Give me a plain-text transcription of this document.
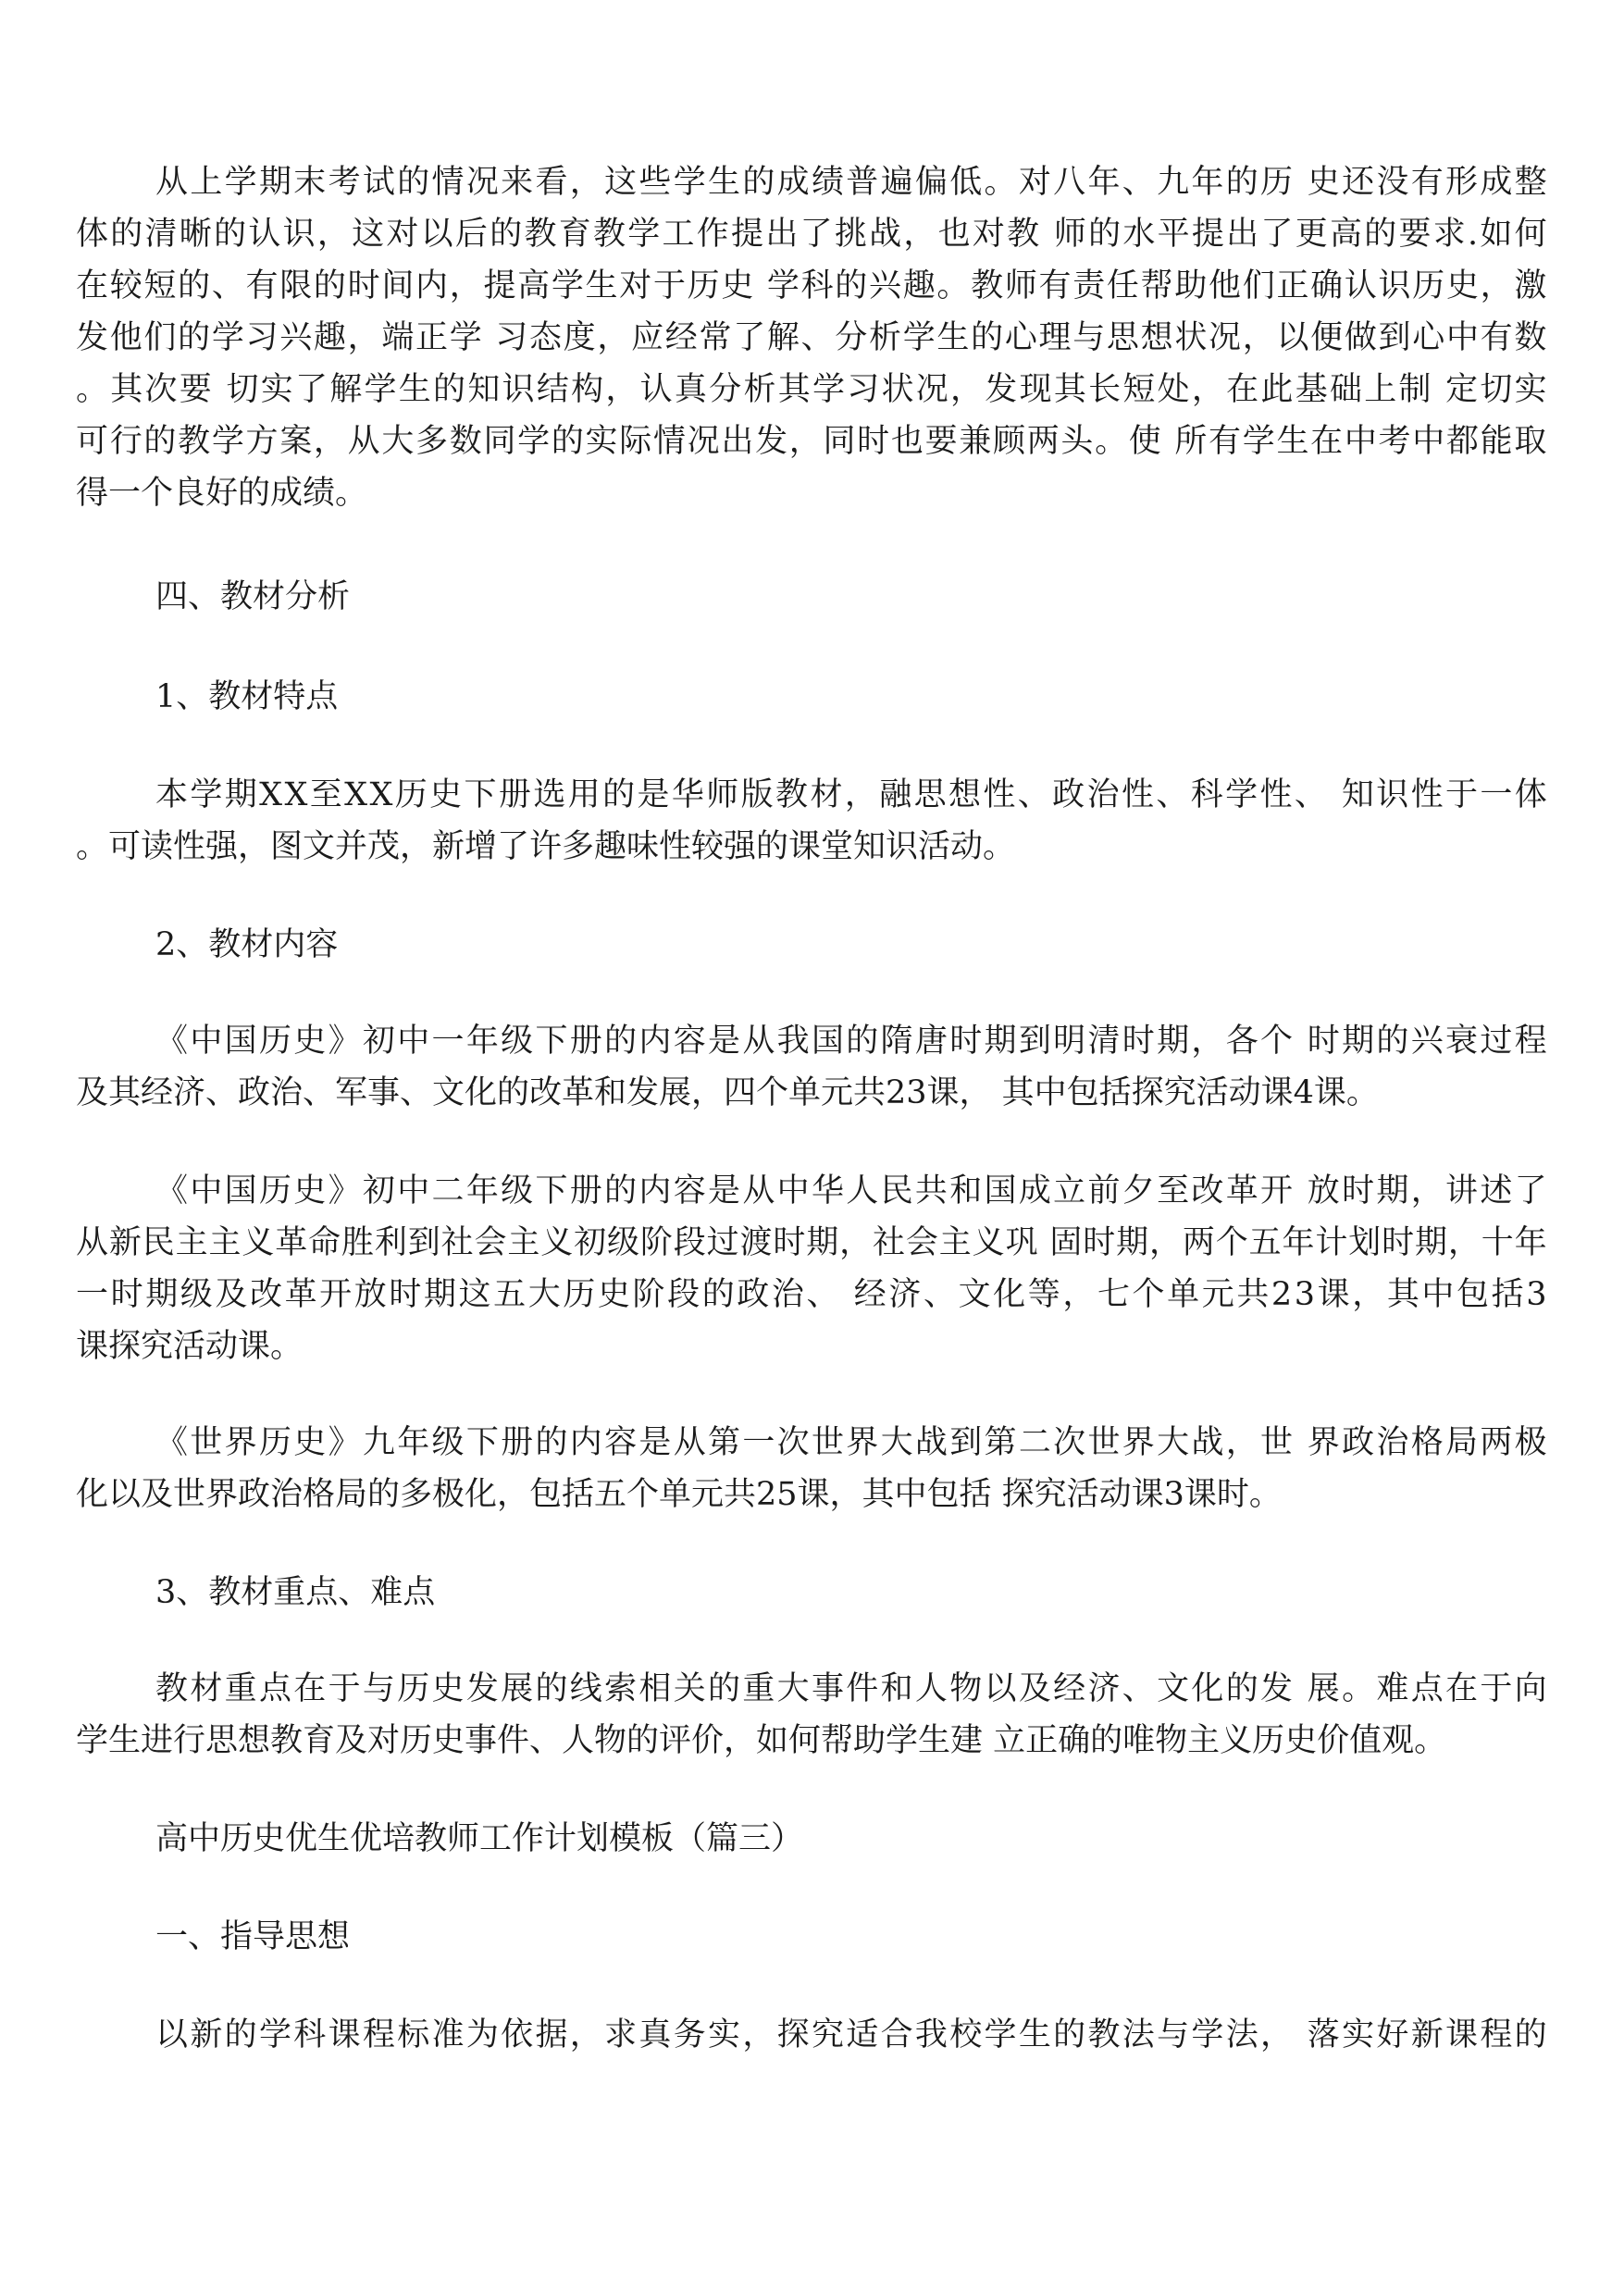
从 上 学 期 末 考 试 的 情 况 来 看 ， 这 些 学 生 的 成 绩 普 遍 偏 低 。 对 八 年 、 九 年 的 历
史 还 没 有 形 成 整
体 的 清 晰 的 认 识 ， 这 对 以 后 的 教 育 教 学 工 作 提 出 了 挑 战 ， 也 对 教
师 的 水 平 提 出 了 更 高 的 要 求 . 如 何
在 较 短 的 、 有 限 的 时 间 内 ， 提 高 学 生 对 于 历 史
学 科 的 兴 趣 。 教 师 有 责 任 帮 助 他 们 正 确 认 识 历 史 ， 激
发 他 们 的 学 习 兴 趣 ， 端 正 学
习 态 度 ， 应 经 常 了 解 、 分 析 学 生 的 心 理 与 思 想 状 况 ， 以 便 做 到 心 中 有 数
。 其 次 要
切 实 了 解 学 生 的 知 识 结 构 ， 认 真 分 析 其 学 习 状 况 ， 发 现 其 长 短 处 ， 在 此 基 础 上 制
定 切 实
可 行 的 教 学 方 案 ， 从 大 多 数 同 学 的 实 际 情 况 出 发 ， 同 时 也 要 兼 顾 两 头 。 使
所 有 学 生 在 中 考 中 都 能 取
得一个良好的成绩。
四、教材分析
1、教材特点
本 学 期 X X 至 X X 历 史 下 册 选 用 的 是 华 师 版 教 材 ， 融 思 想 性 、 政 治 性 、 科 学 性 、
知 识 性 于 一 体
。可读性强，图文并茂，新增了许多趣味性较强的课堂知识活动。
2、教材内容
《 中 国 历 史 》 初 中 一 年 级 下 册 的 内 容 是 从 我 国 的 隋 唐 时 期 到 明 清 时 期 ， 各 个
时 期 的 兴 衰 过 程
及其经济、政治、军事、文化的改革和发展，四个单元共23课， 其中包括探究活动课4课。
《 中 国 历 史 》 初 中 二 年 级 下 册 的 内 容 是 从 中 华 人 民 共 和 国 成 立 前 夕 至 改 革 开
放 时 期 ， 讲 述 了
从 新 民 主 主 义 革 命 胜 利 到 社 会 主 义 初 级 阶 段 过 渡 时 期 ， 社 会 主 义 巩
固 时 期 ， 两 个 五 年 计 划 时 期 ， 十 年
一 时 期 级 及 改 革 开 放 时 期 这 五 大 历 史 阶 段 的 政 治 、
经 济 、 文 化 等 ， 七 个 单 元 共 2 3 课 ， 其 中 包 括 3
课探究活动课。
《 世 界 历 史 》 九 年 级 下 册 的 内 容 是 从 第 一 次 世 界 大 战 到 第 二 次 世 界 大 战 ， 世
界 政 治 格 局 两 极
化以及世界政治格局的多极化，包括五个单元共25课，其中包括 探究活动课3课时。
3、教材重点、难点
教 材 重 点 在 于 与 历 史 发 展 的 线 索 相 关 的 重 大 事 件 和 人 物 以 及 经 济 、 文 化 的 发
展 。 难 点 在 于 向
学生进行思想教育及对历史事件、人物的评价，如何帮助学生建 立正确的唯物主义历史价值观。
高中历史优生优培教师工作计划模板（篇三）
一、指导思想
以 新 的 学 科 课 程 标 准 为 依 据 ， 求 真 务 实 ， 探 究 适 合 我 校 学 生 的 教 法 与 学 法 ，
落 实 好 新 课 程 的
